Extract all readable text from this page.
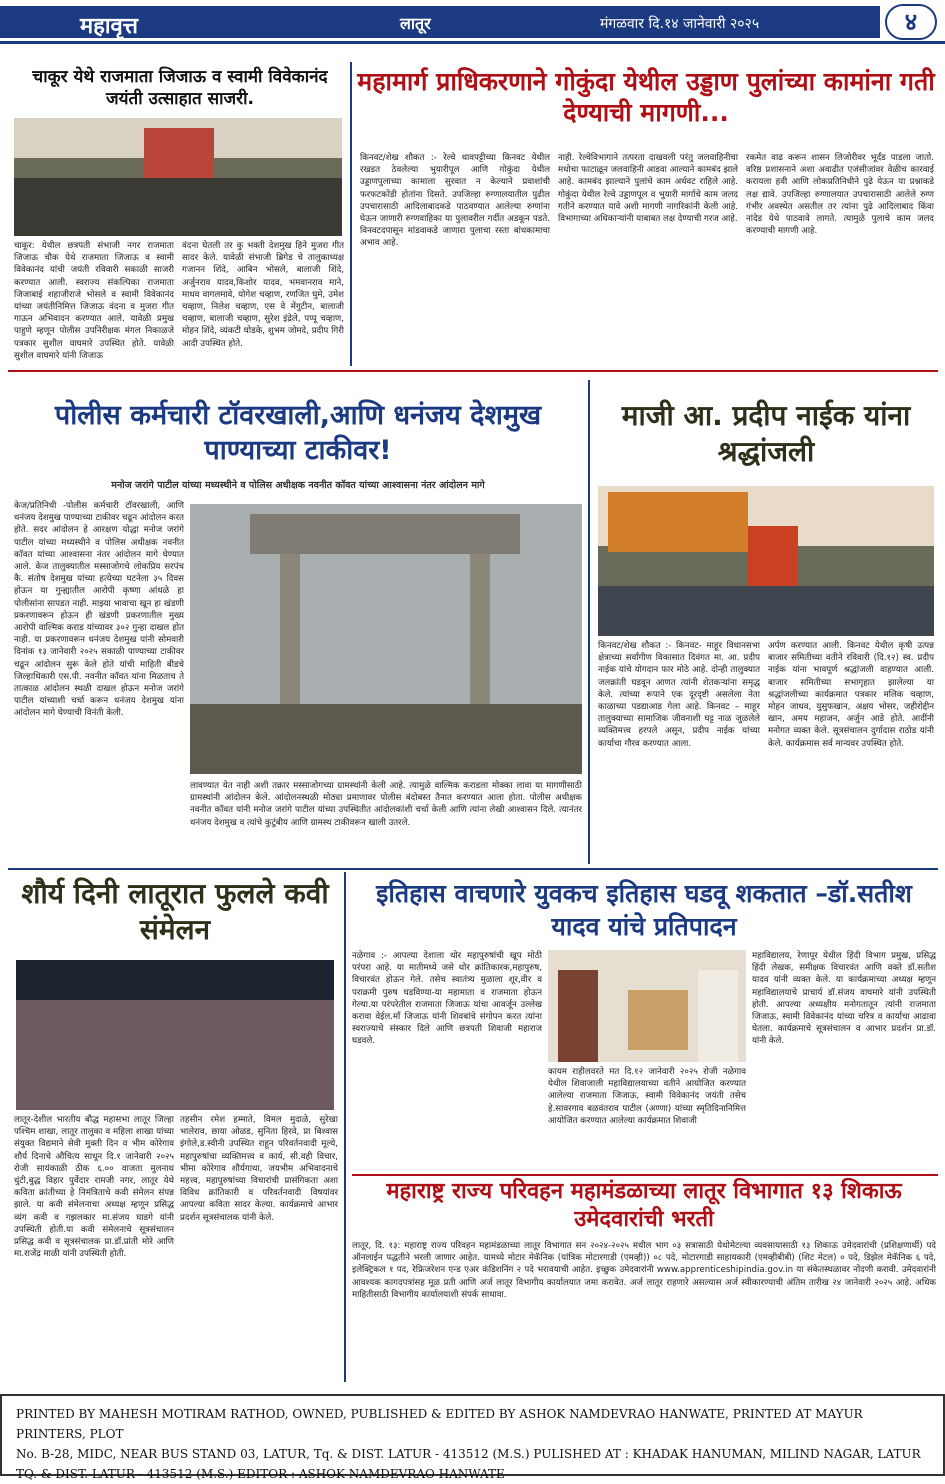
महावृत्त	लातूर	मंगळवार दि.१४ जानेवारी २०२५	४
चाकूर येथे राजमाता जिजाऊ व स्वामी विवेकानंद जयंती उत्साहात साजरी.
चाकूर: येथील छत्रपती संभाजी नगर राजमाता जिजाऊ चौक येथे राजमाता जिजाऊ व स्वामी विवेकानंद यांची जयंती रविवारी सकाळी साजरी करण्यात आली. स्वराज्य संकल्पिका राजमाता जिजाबाई शहाजीराजे भोसले व स्वामी विवेकानंद यांच्या जयंतीनिमित्त जिजाऊ वंदना व मुजरा गीत गाऊन अभिवादन करण्यात आले. यावेळी प्रमुख पाहुणे म्हणून पोलीस उपनिरीक्षक मंगल निकाळजे पत्रकार सुशील वाघमारे उपस्थित होते. यावेळी सुशील वाघमारे यांनी जिजाऊ
वंदना घेतली तर कु भक्ती देशमुख हिने मुजरा गीत सादर केले. यावेळी संभाजी ब्रिगेड चे तालुकाध्यक्ष गजानन शिंदे, आबिन भोसले, बालाजी शिंदे, अर्जुनराव यादव,किशोर यादव, भमवानराव माने, माधव वागलमावे, योगेश चव्हाण, रणजित घुमे, उमेश चव्हाण, निलेश चव्हाण, एस वे मेंगुटीन, बालाजी चव्हाण, बालाजी चव्हाण, सुरेश इंद्रेले, पप्पू चव्हाण, मोहन शिंदे, व्यंकटी घोडके, शुभम जोमदे, प्रदीप गिरी आदी उपस्थित होते.
महामार्ग प्राधिकरणाने गोकुंदा येथील उड्डाण पुलांच्या कामांना गती देण्याची मागणी...
किनवट/शेख शौकत :- रेल्वे धावपट्टीच्या किनवट येथील रखडत ठेवलेल्या भुयारीपूल आणि गोकुंदा येथील उड्डाणपुलाच्या कामाला सुरवात न केल्याने प्रवाशांची फरफटकोंडी होतांना दिसते. उपजिल्हा रुग्णालयातील पुढील उपचारासाठी आदिलाबादकडे पाठवण्यात आलेल्या रुग्णांना घेऊन जाणारी रुग्णवाहिका या पुलावरील गर्दीत अडकून पडते. विनवटदपासून मांडवाकडे जाणारा पुलाचा रस्ता बांधकामाचा अभाव आहे.
नाही. रेल्वेविभागाने तत्परता दाखवली परंतु जलवाहिनीचा मधोचा फाटाळून जलवाहिनी आडवा आल्याने कामबंद झाले आहे. कामबंद झाल्याने पुलांचे काम अर्धवट राहिले आहे. गोकुंदा येथील रेल्वे उड्डाणपूल व भुयारी मार्गाचे काम जलद गतीने करण्यात यावे अशी मागणी नागरिकांनी केली आहे. विभागाच्या अधिकाऱ्यांनी याबाबत लक्ष देण्याची गरज आहे.
रकमेत वाढ करून शासन लिजोरीवर भूर्दंड पाडला जातो. वरिष्ठ प्रशासनाने अशा अवाढीत एजंसीजांवर वेळीच कारवाई करायला हवी आणि लोकप्रतिनिधीने पुढे येऊन या प्रश्नाकडे लक्ष द्यावे. उपजिल्हा रुग्णालयात उपचारासाठी आलेले रुग्ण गंभीर अवस्थेत असतील तर त्यांना पुढे आदिलाबाद किंवा नांदेड येथे पाठवावे लागते. त्यामुळे पुलाचे काम जलद करण्याची मागणी आहे.
पोलीस कर्मचारी टॉवरखाली,आणि धनंजय देशमुख पाण्याच्या टाकीवर!
मनोज जरांगे पाटील यांच्या मध्यस्थीने व पोलिस अधीक्षक नवनीत कॉवत यांच्या आश्वासना नंतर आंदोलन मागे
केज/प्रतिनिधी -पोलीस कर्मचारी टॉवरखाली, आणि धनंजय देशमुख पाण्याच्या टाकीवर चढून आंदोलन करत होते. सदर आंदोलन हे आरक्षण योद्धा मनोज जरांगे पाटील यांच्या मध्यस्थीने व पोलिस अधीक्षक नवनीत कॉवत यांच्या आश्वासना नंतर आंदोलन मागे घेण्यात आले. केज तालुक्यातील मस्साजोगचे लोकप्रिय सरपंच कै. संतोष देशमुख यांच्या हत्येच्या घटनेला ३५ दिवस होऊन या गुन्ह्यातील आरोपी कृष्णा आंधळे हा पोलीसांना सापडत नाही. माझ्या भावाचा खून हा खंडणी प्रकरणावरून होऊन ही खंडणी प्रकरणातील मुख्य आरोपी वाल्मिक कराड यांच्यावर ३०२ गुन्हा दाखल होत नाही. या प्रकरणावरून धनंजय देशमुख यांनी सोमवारी दिनांक १३ जानेवारी २०२५ सकाळी पाण्याच्या टाकीवर चढून आंदोलन सुरू केले होते यांची माहिती बीडचे जिल्हाधिकारी एस.पी. नवनीत कॉवत यांना मिळताच ते तात्काळ आंदोलन स्थळी दाखल होऊन मनोज जरांगे पाटील यांच्याशी चर्चा करून धनंजय देशमुख यांना आंदोलन मागे घेण्याची विनंती केली.
लावण्यात येत नाही अशी तक्रार मस्साजोगच्या ग्रामस्थांनी केली आहे. त्यामुळे वाल्मिक कराडला मोक्का लावा या मागणीसाठी ग्रामस्थांनी आंदोलन केले. आंदोलनस्थळी मोठ्या प्रमाणावर पोलीस बंदोबस्त तैनात करण्यात आला होता. पोलीस अधीक्षक नवनीत कॉवत यांनी मनोज जरांगे पाटील यांच्या उपस्थितीत आंदोलकांशी चर्चा केली आणि त्यांना लेखी आश्वासन दिले. त्यानंतर धनंजय देशमुख व त्यांचे कुटुंबीय आणि ग्रामस्थ टाकीवरून खाली उतरले.
माजी आ. प्रदीप नाईक यांना श्रद्धांजली
किनवट/शेख शौकत :- किनवट- माहूर विधानसभा क्षेत्राच्या सर्वांगीण विकासात दिवंगत मा. आ. प्रदीप नाईक यांचे योगदान फार मोठे आहे. दोन्ही तालुक्यात जलक्रांती घडवून आणत त्यांनी शेतकऱ्यांना समृद्ध केले. त्यांच्या रूपाने एक दूरदृष्टी असलेला नेता काळाच्या पडद्याआड गेला आहे. किनवट – माहूर तालुक्याच्या सामाजिक जीवनाशी घट्ट नाळ जुळलेले व्यक्तिमत्त्व हरपले असून, प्रदीप नाईक यांच्या कार्याचा गौरव करण्यात आला.
अर्पण करण्यात आली. किनवट येथील कृषी उत्पन्न बाजार समितीच्या वतीने रविवारी (दि.१२) स्व. प्रदीप नाईक यांना भावपूर्ण श्रद्धांजली वाहण्यात आली. बाजार समितीच्या सभागृहात झालेल्या या श्रद्धांजलीच्या कार्यक्रमात पत्रकार मलिक चव्हाण, मोहन जाधव, युसुफखान, अक्षय भोसर, जहीरोद्दीन खान, अमय महाजन, अर्जुन आडे होते. आदींनी मनोगत व्यक्त केले. सूत्रसंचालन दुर्गादास राठोड यांनी केले. कार्यक्रमास सर्व मान्यवर उपस्थित होते.
शौर्य दिनी लातूरात फुलले कवी संमेलन
लातूर-देशील भारतीय बौद्ध महासभा लातूर जिल्हा पश्चिम शाखा, लातूर तालुका व महिला शाखा यांच्या संयुक्त विद्यमाने सेवी मुक्ती दिन व भीम कोरेगाव शौर्य दिनाचे औचित्य साधून दि.१ जानेवारी २०२५ रोजी सायंकाळी ठीक ६.०० वाजता मुलनाथ धुंटी,बुद्ध विहार पुर्वेदार रामजी नगर, लातूर येथे कविता क्रांतीच्या हे निमंत्रिताचे कवी संमेलन संपन्न झाले. या कवी संमेलनाचा अध्यक्ष म्हणून प्रसिद्ध व्यंग कवी व गझलकार मा.संजय घाडगे यांनी उपस्थिती होती.या कवी संमेलनाचे सूत्रसंचालन प्रसिद्ध कवी व सूत्रसंचालक प्रा.डॉ.प्रांती मोरे आणि मा.राजेंद्र माळी यांनी उपस्थिती होती.
तहसीन रमेश हम्माते, विमल मुदाळे, सुरेखा भालेराव, छाया ओळड, सुनिता हिरवे, प्रा बिश्वास इंगोले,ड.स्वीनी उपस्थित राहून परिवर्तनवादी मूल्ये, महापुरुषांचा व्यक्तिमत्त्व व कार्य, सी.वही विचार, भीमा कोरेगाव शौर्यगाथा, जयभीम अभिवादनाचे महत्त्व, महापुरुषांच्या विचारांची प्रासंगिकता अशा विविध क्रांतिकारी व परिवर्तनवादी विषयांवर आपल्या कविता सादर केल्या. कार्यक्रमाचे आभार प्रदर्शन सूत्रसंचालक यांनी केले.
इतिहास वाचणारे युवकच इतिहास घडवू शकतात –डॉ.सतीश यादव यांचे प्रतिपादन
नळेगाव :- आपल्या देशाला थोर महापुरुषांची खूप मोठी परंपरा आहे. या मातीमध्ये जसे थोर क्रांतिकारक,महापुरुष, विचारवंत होऊन गेले. तसेच स्वातंत्र्य मुळाला शूर,वीर व पराक्रमी पुरुष घडविण्या-या महामाता व राजमाता होऊन गेल्या.या परंपरेतील राजमाता जिजाऊ यांचा आवर्जून उल्लेख करावा वेईल.माँ जिजाऊ यांनी शिवबांचे संगोपन करत त्यांना स्वराज्याचे संस्कार दिले आणि छत्रपती शिवाजी महाराज घडवले.
कायम राहीलवरते मत दि.१२ जानेवारी २०२५ रोजी नळेगाव येथील शिवाजाली महाविद्यालयाच्या वतीने आयोजित करण्यात आलेल्या राजमाता जिजाऊ, स्वामी विवेकानंद जयंती तसेच हे.सावरगाव बळवंतराव पाटील (अण्णा) यांच्या स्मृतिदिनानिमित्त आयोजित करण्यात आलेल्या कार्यक्रमात शिवाजी
महाविद्यालय, रेणापूर येथील हिंदी विभाग प्रमुख, प्रसिद्ध हिंदी लेखक, समीक्षक विचारवंत आणि वक्ते डॉ.सतीश यादव यांनी व्यक्त केले. या कार्यक्रमाच्या अध्यक्ष म्हणून महाविद्यालयाचे प्राचार्य डॉ.संजय वाघमारे यांनी उपस्थिती होती. आपल्या अध्यक्षीय मनोगतातून त्यांनी राजमाता जिजाऊ, स्वामी विवेकानंद यांच्या चरित्र व कार्याचा आढावा घेतला. कार्यक्रमाचे सूत्रसंचालन व आभार प्रदर्शन प्रा.डॉ. यांनी केले.
महाराष्ट्र राज्य परिवहन महामंडळाच्या लातूर विभागात १३ शिकाऊ उमेदवारांची भरती
लातूर, दि. १३: महाराष्ट्र राज्य परिवहन महामंडळाच्या लातूर विभागात सन २०२४-२०२५ मधील भाग ०३ सत्रासाठी येथोमेटल्या व्यवसायासाठी १३ शिकाऊ उमेदवारांची (प्रशिक्षणार्थी) पदे ऑनलाईन पद्धतीने भरली जाणार आहेत. यामध्ये मोटार मेकॅनिक (यांत्रिक मोटारगाडी (एमव्ही)) ०८ पदे, मोटारगाडी साहायकारी (एमव्हीबीबी) (शिट मेटल) ० पदे, डिझेल मेकॅनिक ६ पदे, इलेक्ट्रिकल १ पद, रेफ्रिजरेशन एन्ड एअर कंडिशनिंग २ पदे भरावयाची आहेत. इच्छुक उमेदवारांनी www.apprenticeshipindia.gov.in या संकेतस्थळावर नोंदणी करावी. उमेदवारांनी आवश्यक कागदपत्रांसह मूळ प्रती आणि अर्ज लातूर विभागीय कार्यालयात जमा करावेत. अर्ज लातूर राहणारे असल्यास अर्ज स्वीकारण्याची अंतिम तारीख २४ जानेवारी २०२५ आहे. अधिक माहितीसाठी विभागीय कार्यालयाशी संपर्क साधावा.
PRINTED BY MAHESH MOTIRAM RATHOD, OWNED, PUBLISHED & EDITED BY ASHOK NAMDEVRAO HANWATE, PRINTED AT MAYUR PRINTERS, PLOT
No. B-28, MIDC, NEAR BUS STAND 03, LATUR, Tq. & DIST. LATUR - 413512 (M.S.) PULISHED AT : KHADAK HANUMAN, MILIND NAGAR, LATUR
TQ. & DIST. LATUR - 413512 (M.S.) EDITOR : ASHOK NAMDEVRAO HANWATE
